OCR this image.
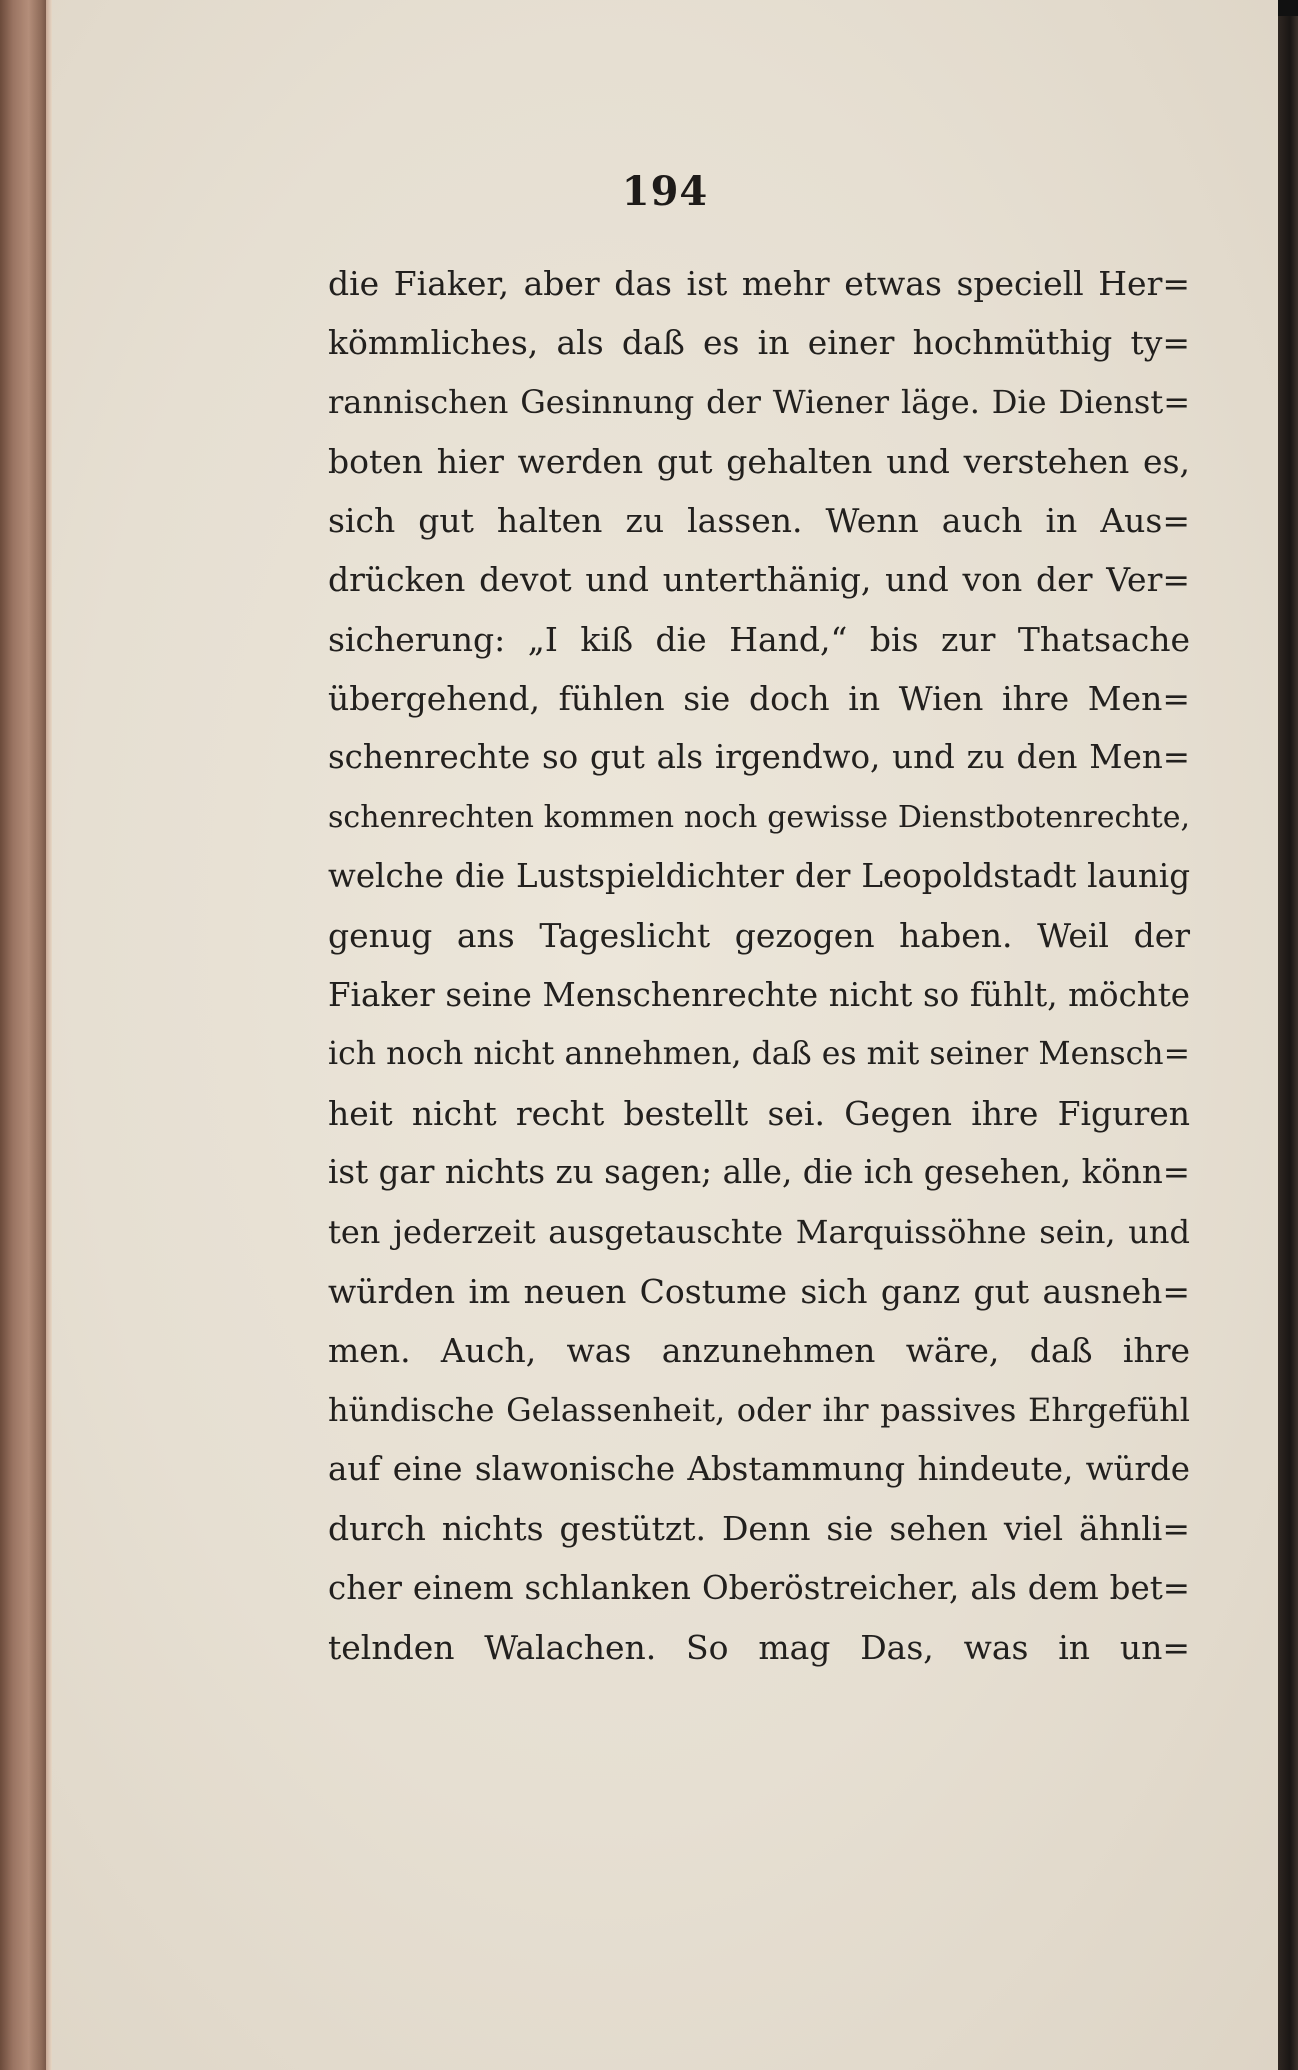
194
die Fiaker, aber das ist mehr etwas speciell Her=
kömmliches, als daß es in einer hochmüthig ty=
rannischen Gesinnung der Wiener läge. Die Dienst=
boten hier werden gut gehalten und verstehen es,
sich gut halten zu lassen. Wenn auch in Aus=
drücken devot und unterthänig, und von der Ver=
sicherung: „I kiß die Hand,“ bis zur Thatsache
übergehend, fühlen sie doch in Wien ihre Men=
schenrechte so gut als irgendwo, und zu den Men=
schenrechten kommen noch gewisse Dienstbotenrechte,
welche die Lustspieldichter der Leopoldstadt launig
genug ans Tageslicht gezogen haben. Weil der
Fiaker seine Menschenrechte nicht so fühlt, möchte
ich noch nicht annehmen, daß es mit seiner Mensch=
heit nicht recht bestellt sei. Gegen ihre Figuren
ist gar nichts zu sagen; alle, die ich gesehen, könn=
ten jederzeit ausgetauschte Marquissöhne sein, und
würden im neuen Costume sich ganz gut ausneh=
men. Auch, was anzunehmen wäre, daß ihre
hündische Gelassenheit, oder ihr passives Ehrgefühl
auf eine slawonische Abstammung hindeute, würde
durch nichts gestützt. Denn sie sehen viel ähnli=
cher einem schlanken Oberöstreicher, als dem bet=
telnden Walachen. So mag Das, was in un=
